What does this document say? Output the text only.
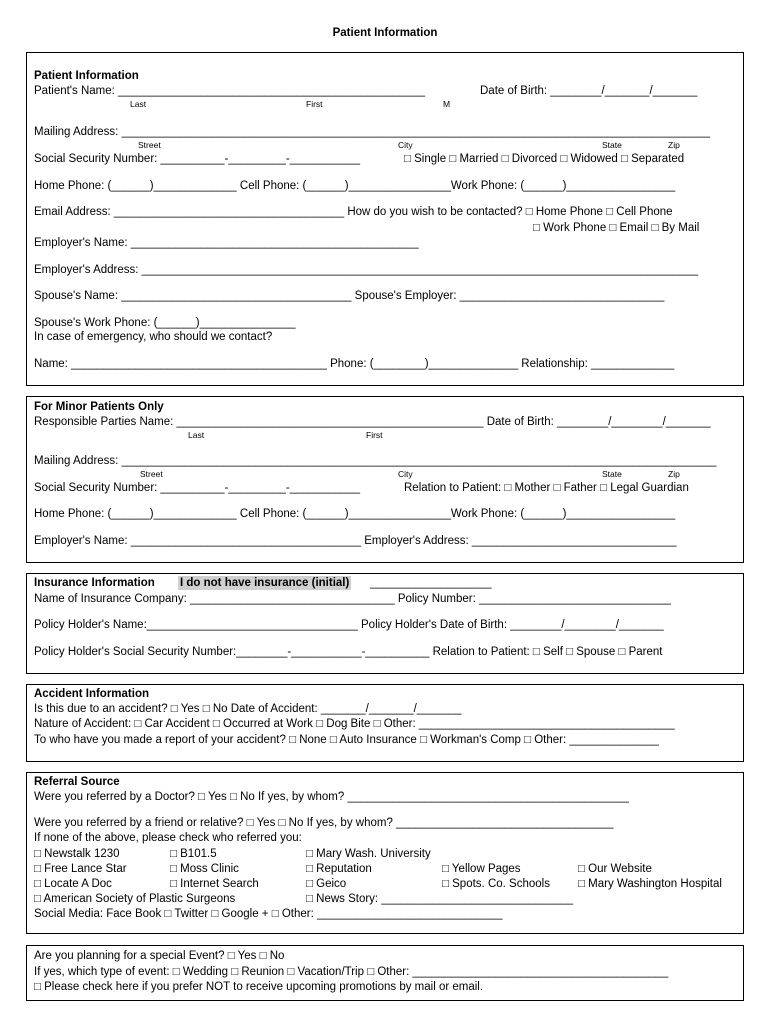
Patient Information
Patient Information
Patient's Name: ________________________________________________	Date of Birth: ________/_______/_______
Last	First	M
Mailing Address: ____________________________________________________________________________________________
Street	City	State	Zip
Social Security Number: __________-_________-___________	□ Single □ Married □ Divorced □ Widowed □ Separated
Home Phone: (______)_____________ Cell Phone: (______)________________Work Phone: (______)_________________
Email Address: ____________________________________ How do you wish to be contacted? □ Home Phone □ Cell Phone
□ Work Phone □ Email □ By Mail
Employer's Name: _____________________________________________
Employer's Address: _______________________________________________________________________________________
Spouse's Name: ____________________________________ Spouse's Employer: ________________________________
Spouse's Work Phone: (______)_______________
In case of emergency, who should we contact?
Name: ________________________________________ Phone: (________)______________ Relationship: _____________
For Minor Patients Only
Responsible Parties Name: ________________________________________________ Date of Birth: ________/________/_______
Last	First
Mailing Address: _____________________________________________________________________________________________
Street	City	State	Zip
Social Security Number: __________-_________-___________	Relation to Patient: □ Mother □ Father □ Legal Guardian
Home Phone: (______)_____________ Cell Phone: (______)________________Work Phone: (______)_________________
Employer's Name: ____________________________________ Employer's Address: ________________________________
Insurance Information I do not have insurance (initial) ___________________
Name of Insurance Company: ________________________________ Policy Number: ______________________________
Policy Holder's Name:_________________________________ Policy Holder's Date of Birth: ________/________/_______
Policy Holder's Social Security Number:________-___________-__________ Relation to Patient: □ Self □ Spouse □ Parent
Accident Information
Is this due to an accident? □ Yes □ No Date of Accident: _______/_______/_______
Nature of Accident: □ Car Accident □ Occurred at Work □ Dog Bite □ Other: ________________________________________
To who have you made a report of your accident? □ None □ Auto Insurance □ Workman's Comp □ Other: ______________
Referral Source
Were you referred by a Doctor? □ Yes □ No If yes, by whom? ____________________________________________
Were you referred by a friend or relative? □ Yes □ No If yes, by whom? __________________________________
If none of the above, please check who referred you:
□ Newstalk 1230	□ B101.5	□ Mary Wash. University
□ Free Lance Star	□ Moss Clinic	□ Reputation	□ Yellow Pages	□ Our Website
□ Locate A Doc	□ Internet Search	□ Geico	□ Spots. Co. Schools □ Mary Washington Hospital
□ American Society of Plastic Surgeons	□ News Story: ______________________________
Social Media: Face Book □ Twitter □ Google + □ Other: _____________________________
Are you planning for a special Event? □ Yes □ No
If yes, which type of event: □ Wedding □ Reunion □ Vacation/Trip □ Other: ________________________________________
□ Please check here if you prefer NOT to receive upcoming promotions by mail or email.
